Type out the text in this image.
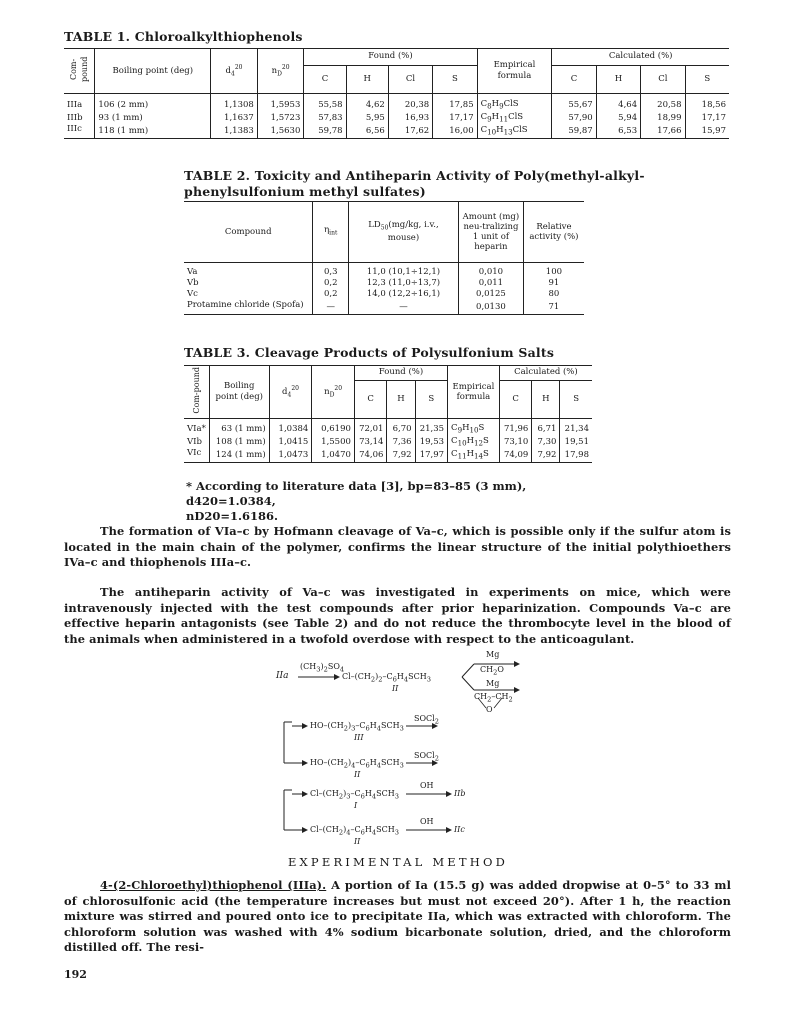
TABLE 1. Chloroalkylthiophenols
Com-pound	Boiling point (deg)	$d_4^{20}$	$n_D^{20}$	Found (%)				Empirical formula	Calculated (%)			
				C	H	Cl	S		C	H	Cl	S
IIIa	106 (2 mm)	1,1308	1,5953	55,58	4,62	20,38	17,85	$C_8H_9ClS$	55,67	4,64	20,58	18,56
IIIb	93 (1 mm)	1,1637	1,5723	57,83	5,95	16,93	17,17	$C_9H_{11}ClS$	57,90	5,94	18,99	17,17
IIIc	118 (1 mm)	1,1383	1,5630	59,78	6,56	17,62	16,00	$C_{10}H_{13}ClS$	59,87	6,53	17,66	15,97
TABLE 2. Toxicity and Antiheparin Activity of Poly(methyl-alkyl-
phenylsulfonium methyl sulfates)
Compound	$\eta_{int}$	$LD_{50}(mg/kg$, i.v., mouse)	Amount (mg) neu-tralizing 1 unit of heparin	Relative activity (%)
Va	0,3	11,0 (10,1÷12,1)	0,010	100
Vb	0,2	12,3 (11,0÷13,7)	0,011	91
Vc	0,2	14,0 (12,2÷16,1)	0,0125	80
Protamine chloride (Spofa)	—	—	0,0130	71
TABLE 3. Cleavage Products of Polysulfonium Salts
Com-pound	Boiling point (deg)	$d_4^{20}$	$n_D^{20}$	Found (%)			Empirical formula	Calculated (%)		
				C	H	S		C	H	S
VIa*	63 (1 mm)	1,0384	0,6190	72,01	6,70	21,35	$C_9H_{10}S$	71,96	6,71	21,34
VIb	108 (1 mm)	1,0415	1,5500	73,14	7,36	19,53	$C_{10}H_{12}S$	73,10	7,30	19,51
VIc	124 (1 mm)	1,0473	1,0470	74,06	7,92	17,97	$C_{11}H_{14}S$	74,09	7,92	17,98
* According to literature data [3], bp=83–85 (3 mm), d420=1.0384,
nD20=1.6186.
The formation of VIa–c by Hofmann cleavage of Va–c, which is possible only if the sulfur atom is located in the main chain of the polymer, confirms the linear structure of the initial polythioethers IVa–c and thiophenols IIIa–c.
The antiheparin activity of Va–c was investigated in experiments on mice, which were intravenously injected with the test compounds after prior heparinization. Compounds Va–c are effective heparin antagonists (see Table 2) and do not reduce the thrombocyte level in the blood of the animals when administered in a twofold overdose with respect to the anticoagulant.
IIa
$(CH_3)_2SO_4$
$Cl-(CH_2)_2-C_6H_4SCH_3$
II
Mg
$CH_2O$
Mg
$CH_2-CH_2$
O
$HO-(CH_2)_3-C_6H_4SCH_3$
III
SOCl$_2$
$HO-(CH_2)_4-C_6H_4SCH_3$
II
SOCl$_2$
$Cl-(CH_2)_3-C_6H_4SCH_3$
I
OH
IIb
$Cl-(CH_2)_4-C_6H_4SCH_3$
II
OH
IIc
EXPERIMENTAL METHOD
4-(2-Chloroethyl)thiophenol (IIIa). A portion of Ia (15.5 g) was added dropwise at 0–5° to 33 ml of chlorosulfonic acid (the temperature increases but must not exceed 20°). After 1 h, the reaction mixture was stirred and poured onto ice to precipitate IIa, which was extracted with chloroform. The chloroform solution was washed with 4% sodium bicarbonate solution, dried, and the chloroform distilled off. The resi-
192
